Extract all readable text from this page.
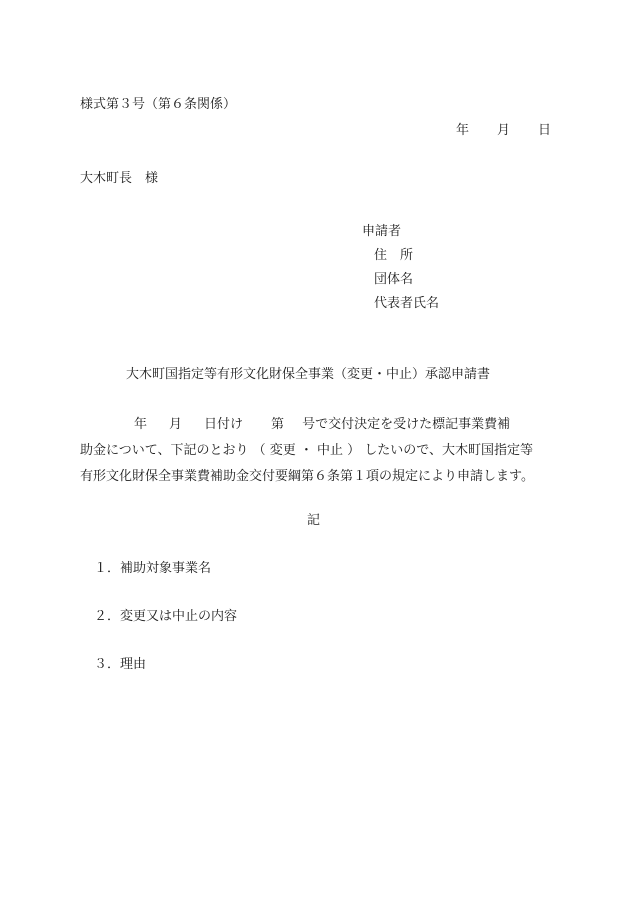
様式第３号（第６条関係）
年 月 日
大木町長　様
申請者
住　所
団体名
代表者氏名
大木町国指定等有形文化財保全事業（変更・中止）承認申請書
年 月 日付け 第 号で交付決定を受けた標記事業費補
助金について、下記のとおり （ 変更 ・ 中止 ） したいので、大木町国指定等
有形文化財保全事業費補助金交付要綱第６条第１項の規定により申請します。
記
１．補助対象事業名
２．変更又は中止の内容
３．理由
